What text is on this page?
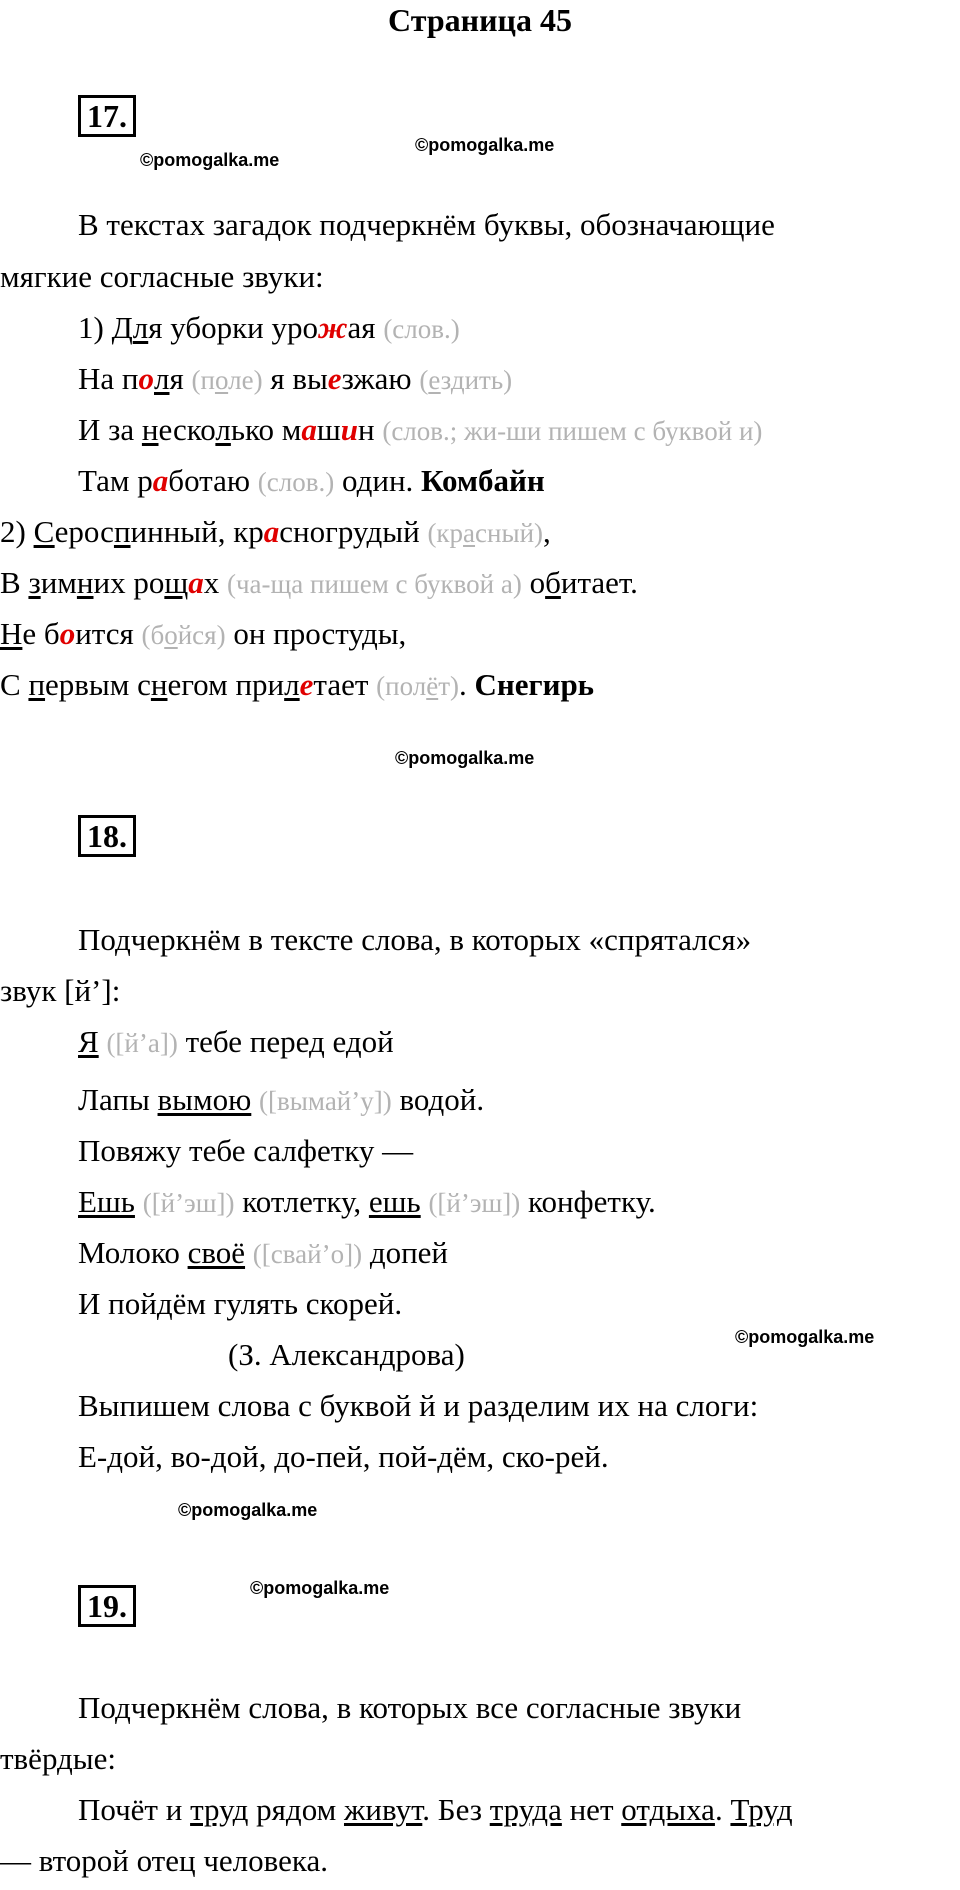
Страница 45
17.
©pomogalka.me
©pomogalka.me
В текстах загадок подчеркнём буквы, обозначающие
мягкие согласные звуки:
1) Для уборки урожая (слов.)
На поля (поле) я выезжаю (ездить)
И за несколько машин (слов.; жи-ши пишем с буквой и)
Там работаю (слов.) один. Комбайн
2) Сероспинный, красногрудый (красный),
В зимних рощах (ча-ща пишем с буквой а) обитает.
Не боится (бойся) он простуды,
С первым снегом прилетает (полёт). Снегирь
©pomogalka.me
18.
Подчеркнём в тексте слова, в которых «спрятался»
звук [й’]:
Я ([й’а]) тебе перед едой
Лапы вымою ([вымай’у]) водой.
Повяжу тебе салфетку —
Ешь ([й’эш]) котлетку, ешь ([й’эш]) конфетку.
Молоко своё ([свай’о]) допей
И пойдём гулять скорей.
(З. Александрова)	©pomogalka.me
Выпишем слова с буквой й и разделим их на слоги:
Е-дой, во-дой, до-пей, пой-дём, ско-рей.
©pomogalka.me
19.	©pomogalka.me
Подчеркнём слова, в которых все согласные звуки
твёрдые:
Почёт и труд рядом живут. Без труда нет отдыха. Труд
— второй отец человека.
